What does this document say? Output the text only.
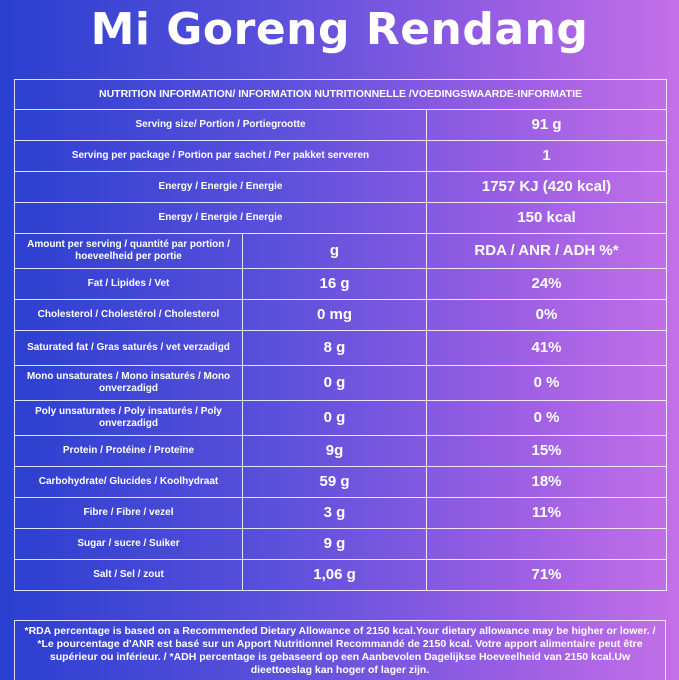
Mi Goreng Rendang
NUTRITION INFORMATION/ INFORMATION NUTRITIONNELLE /VOEDINGSWAARDE-INFORMATIE		
Serving size/ Portion / Portiegrootte		91 g
Serving per package / Portion par sachet / Per pakket serveren		1
Energy / Energie / Energie		1757 KJ (420 kcal)
Energy / Energie / Energie		150 kcal
Amount per serving / quantité par portion / hoeveelheid per portie	g	RDA / ANR / ADH %*
Fat / Lipides / Vet	16 g	24%
Cholesterol / Cholestérol / Cholesterol	0 mg	0%
Saturated fat / Gras saturés / vet verzadigd	8 g	41%
Mono unsaturates / Mono insaturés / Mono onverzadigd	0 g	0 %
Poly unsaturates / Poly insaturés / Poly onverzadigd	0 g	0 %
Protein / Protéine / Proteïne	9g	15%
Carbohydrate/ Glucides / Koolhydraat	59 g	18%
Fibre / Fibre / vezel	3 g	11%
Sugar / sucre / Suiker	9 g	
Salt / Sel / zout	1,06 g	71%
*RDA percentage is based on a Recommended Dietary Allowance of 2150 kcal.Your dietary allowance may be higher or lower. / *Le pourcentage d'ANR est basé sur un Apport Nutritionnel Recommandé de 2150 kcal. Votre apport alimentaire peut être supérieur ou inférieur. / *ADH percentage is gebaseerd op een Aanbevolen Dagelijkse Hoeveelheid van 2150 kcal.Uw dieettoeslag kan hoger of lager zijn.
